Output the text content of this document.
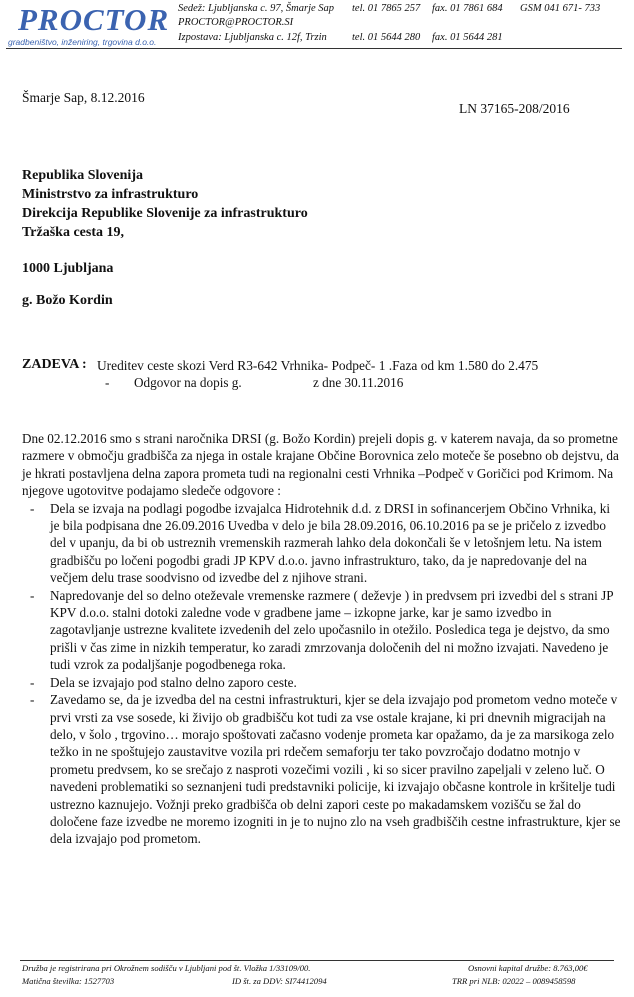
PROCTOR
gradbeništvo, inženiring, trgovina d.o.o.
Sedež: Ljubljanska c. 97, Šmarje Sap tel. 01 7865 257 fax. 01 7861 684 GSM 041 671- 733
PROCTOR@PROCTOR.SI
Izpostava: Ljubljanska c. 12f, Trzin tel. 01 5644 280 fax. 01 5644 281
Šmarje Sap, 8.12.2016
LN 37165-208/2016
Republika Slovenija
Ministrstvo za infrastrukturo
Direkcija Republike Slovenije za infrastrukturo
Tržaška cesta 19,
1000 Ljubljana
g. Božo Kordin
ZADEVA : Ureditev ceste skozi Verd R3-642 Vrhnika- Podpeč- 1 .Faza od km 1.580 do 2.475
- Odgovor na dopis g.	z dne 30.11.2016

Dne 02.12.2016 smo s strani naročnika DRSI (g. Božo Kordin) prejeli dopis g. v katerem navaja, da so prometne razmere v območju gradbišča za njega in ostale krajane Občine Borovnica zelo moteče še posebno ob dejstvu, da je hkrati postavljena delna zapora prometa tudi na regionalni cesti Vrhnika –Podpeč v Goričici pod Krimom. Na njegove ugotovitve podajamo sledeče odgovore :

- Dela se izvaja na podlagi pogodbe izvajalca Hidrotehnik d.d. z DRSI in sofinancerjem Občino Vrhnika, ki je bila podpisana dne 26.09.2016 Uvedba v delo je bila 28.09.2016, 06.10.2016 pa se je pričelo z izvedbo del v upanju, da bi ob ustreznih vremenskih razmerah lahko dela dokončali še v letošnjem letu. Na istem gradbišču po ločeni pogodbi gradi JP KPV d.o.o. javno infrastrukturo, tako, da je napredovanje del na večjem delu trase soodvisno od izvedbe del z njihove strani.
- Napredovanje del so delno oteževale vremenske razmere ( deževje ) in predvsem pri izvedbi del s strani JP KPV d.o.o. stalni dotoki zaledne vode v gradbene jame – izkopne jarke, kar je samo izvedbo in zagotavljanje ustrezne kvalitete izvedenih del zelo upočasnilo in otežilo. Posledica tega je dejstvo, da smo prišli v čas zime in nizkih temperatur, ko zaradi zmrzovanja določenih del ni možno izvajati. Navedeno je tudi vzrok za podaljšanje pogodbenega roka.
- Dela se izvajajo pod stalno delno zaporo ceste.
- Zavedamo se, da je izvedba del na cestni infrastrukturi, kjer se dela izvajajo pod prometom vedno moteče v prvi vrsti za vse sosede, ki živijo ob gradbišču kot tudi za vse ostale krajane, ki pri dnevnih migracijah na delo, v šolo , trgovino… morajo spoštovati začasno vodenje prometa kar opažamo, da je za marsikoga zelo težko in ne spoštujejo zaustavitve vozila pri rdečem semaforju ter tako povzročajo dodatno motnjo v prometu predvsem, ko se srečajo z nasproti vozečimi vozili , ki so sicer pravilno zapeljali v zeleno luč. O navedeni problematiki so seznanjeni tudi predstavniki policije, ki izvajajo občasne kontrole in kršitelje tudi ustrezno kaznujejo. Vožnji preko gradbišča ob delni zapori ceste po makadamskem vozišču se žal do določene faze izvedbe ne moremo izogniti in je to nujno zlo na vseh gradbiščih cestne infrastrukture, kjer se dela izvajajo pod prometom.
Družba je registrirana pri Okrožnem sodišču v Ljubljani pod št. Vložka 1/33109/00.
Matična številka: 1527703	ID št. za DDV: SI74412094
Osnovni kapital družbe: 8.763,00€
TRR pri NLB: 02022 – 0089458598
